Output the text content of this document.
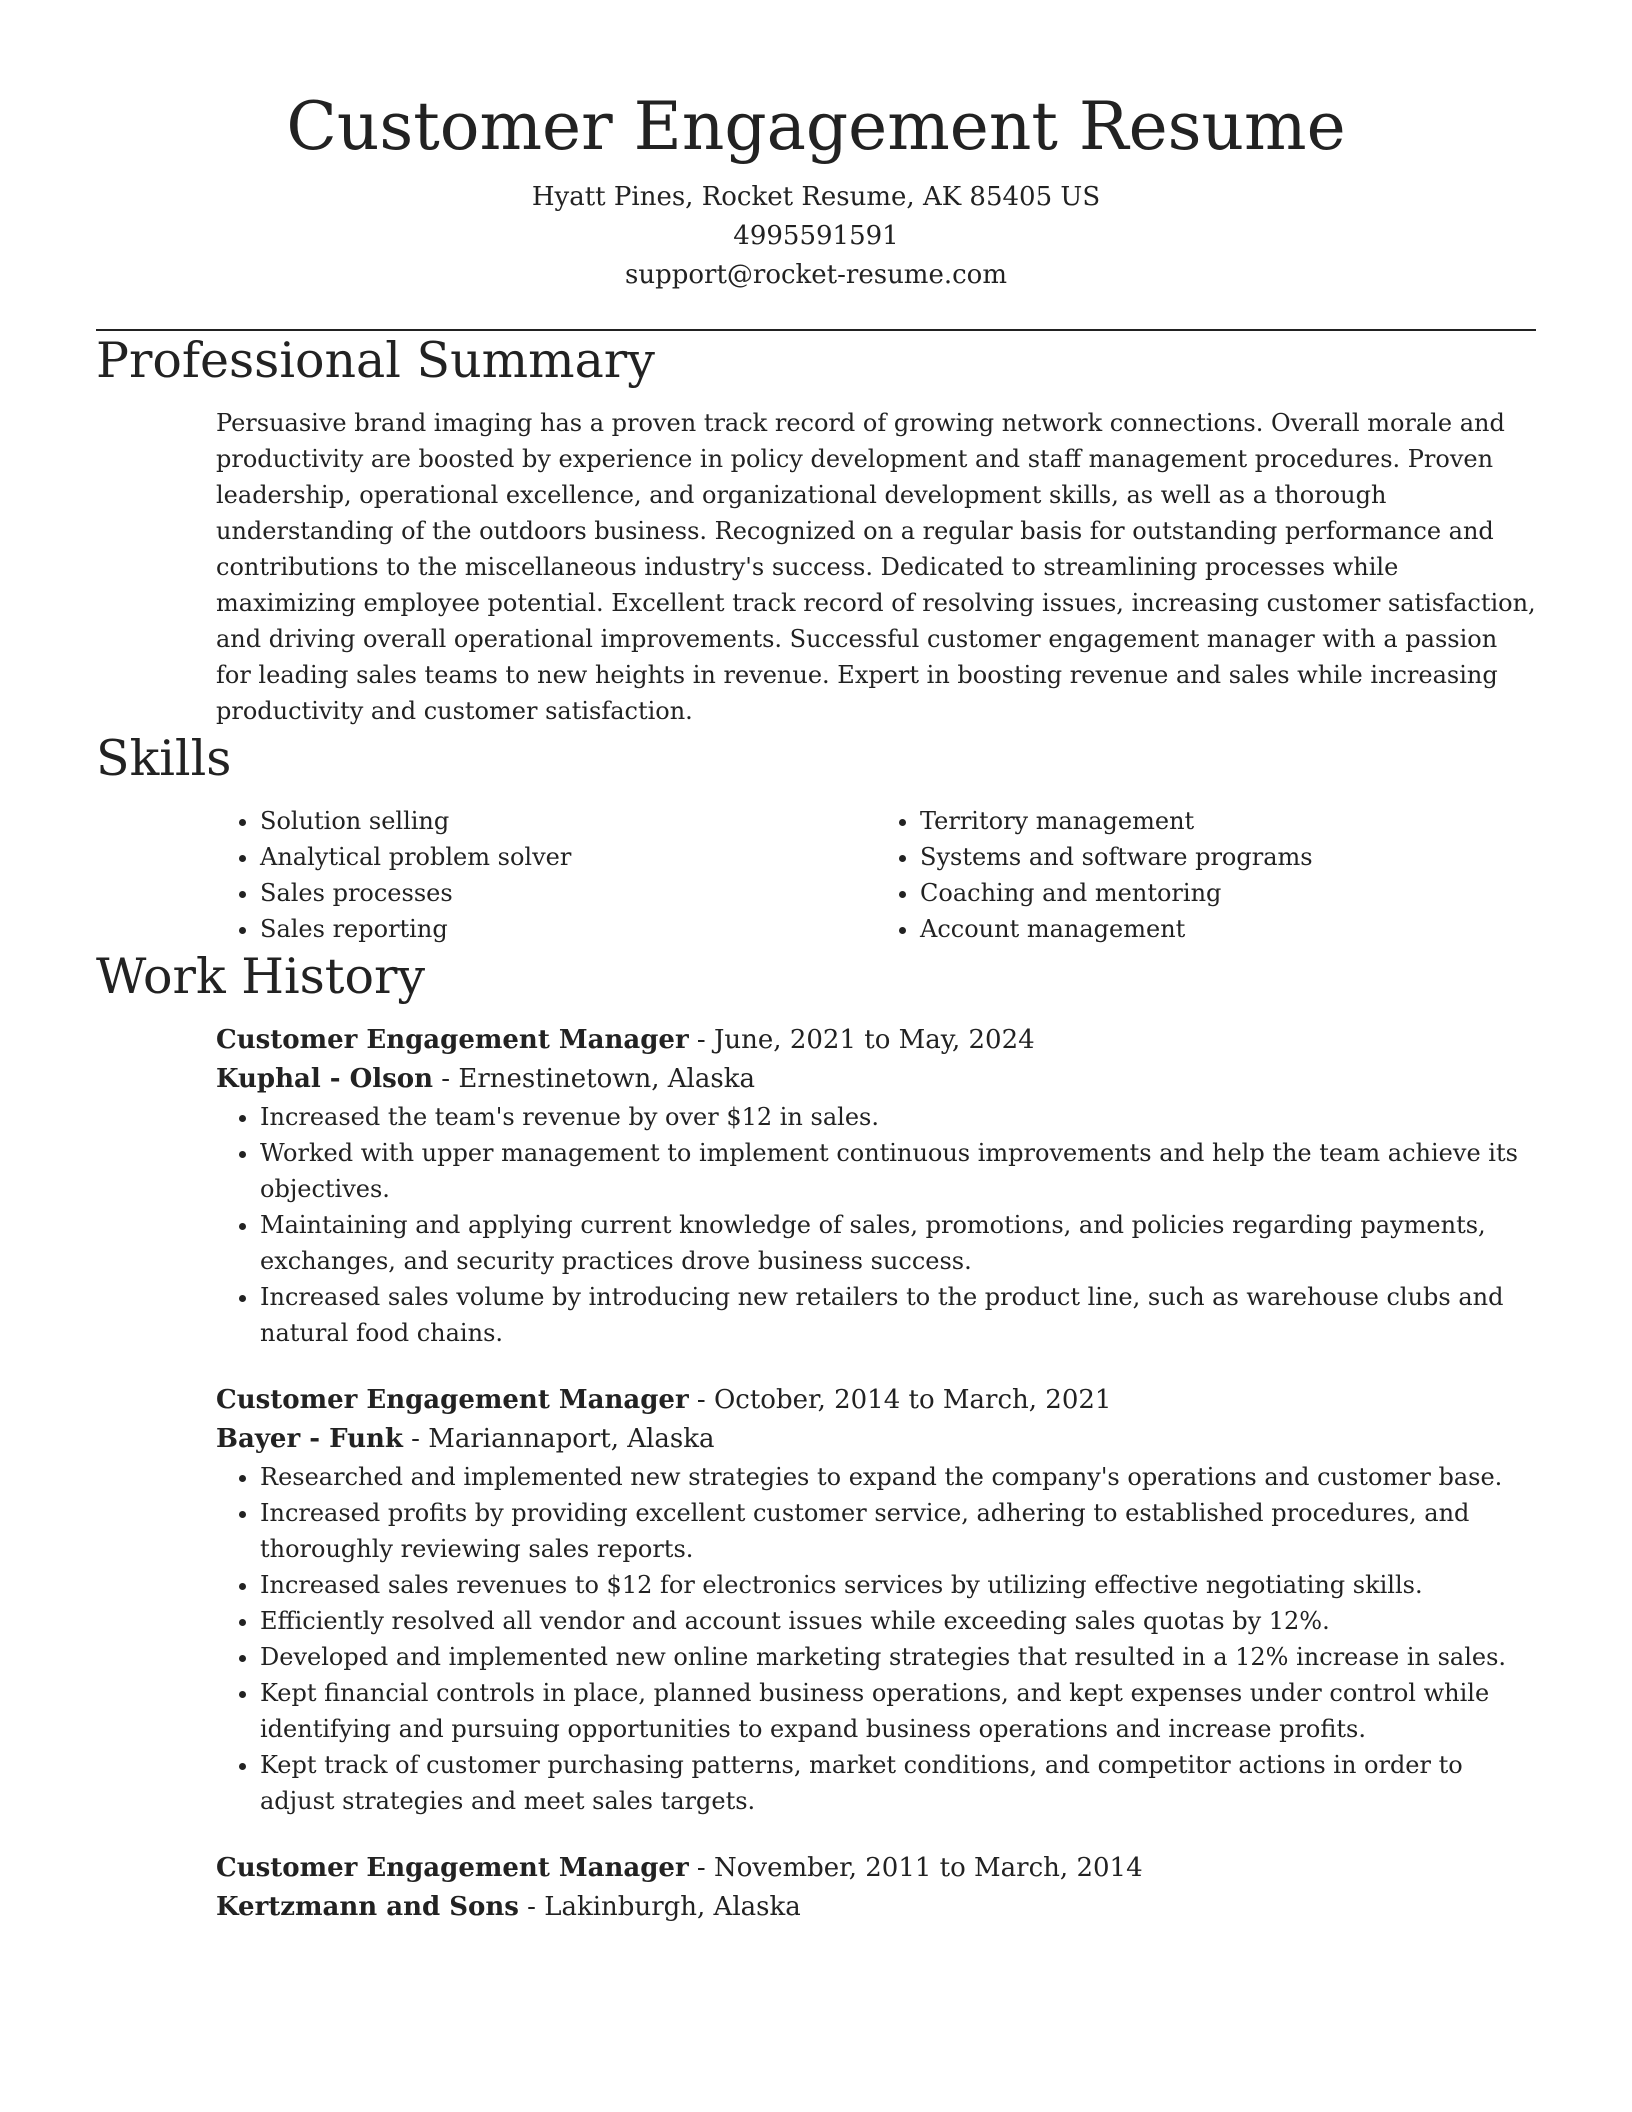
Customer Engagement Resume

Hyatt Pines, Rocket Resume, AK 85405 US

4995591591

support@rocket-resume.com

Professional Summary

Persuasive brand imaging has a proven track record of growing network connections. Overall morale and productivity are boosted by experience in policy development and staff management procedures. Proven leadership, operational excellence, and organizational development skills, as well as a thorough understanding of the outdoors business. Recognized on a regular basis for outstanding performance and contributions to the miscellaneous industry's success. Dedicated to streamlining processes while maximizing employee potential. Excellent track record of resolving issues, increasing customer satisfaction, and driving overall operational improvements. Successful customer engagement manager with a passion for leading sales teams to new heights in revenue. Expert in boosting revenue and sales while increasing productivity and customer satisfaction.

Skills
• Solution selling
• Analytical problem solver
• Sales processes
• Sales reporting
• Territory management
• Systems and software programs
• Coaching and mentoring
• Account management
Work History

Customer Engagement Manager - June, 2021 to May, 2024

Kuphal - Olson - Ernestinetown, Alaska

• Increased the team's revenue by over $12 in sales.
• Worked with upper management to implement continuous improvements and help the team achieve its objectives.
• Maintaining and applying current knowledge of sales, promotions, and policies regarding payments, exchanges, and security practices drove business success.
• Increased sales volume by introducing new retailers to the product line, such as warehouse clubs and natural food chains.

Customer Engagement Manager - October, 2014 to March, 2021

Bayer - Funk - Mariannaport, Alaska

• Researched and implemented new strategies to expand the company's operations and customer base.
• Increased profits by providing excellent customer service, adhering to established procedures, and thoroughly reviewing sales reports.
• Increased sales revenues to $12 for electronics services by utilizing effective negotiating skills.
• Efficiently resolved all vendor and account issues while exceeding sales quotas by 12%.
• Developed and implemented new online marketing strategies that resulted in a 12% increase in sales.
• Kept financial controls in place, planned business operations, and kept expenses under control while identifying and pursuing opportunities to expand business operations and increase profits.
• Kept track of customer purchasing patterns, market conditions, and competitor actions in order to adjust strategies and meet sales targets.

Customer Engagement Manager - November, 2011 to March, 2014

Kertzmann and Sons - Lakinburgh, Alaska
